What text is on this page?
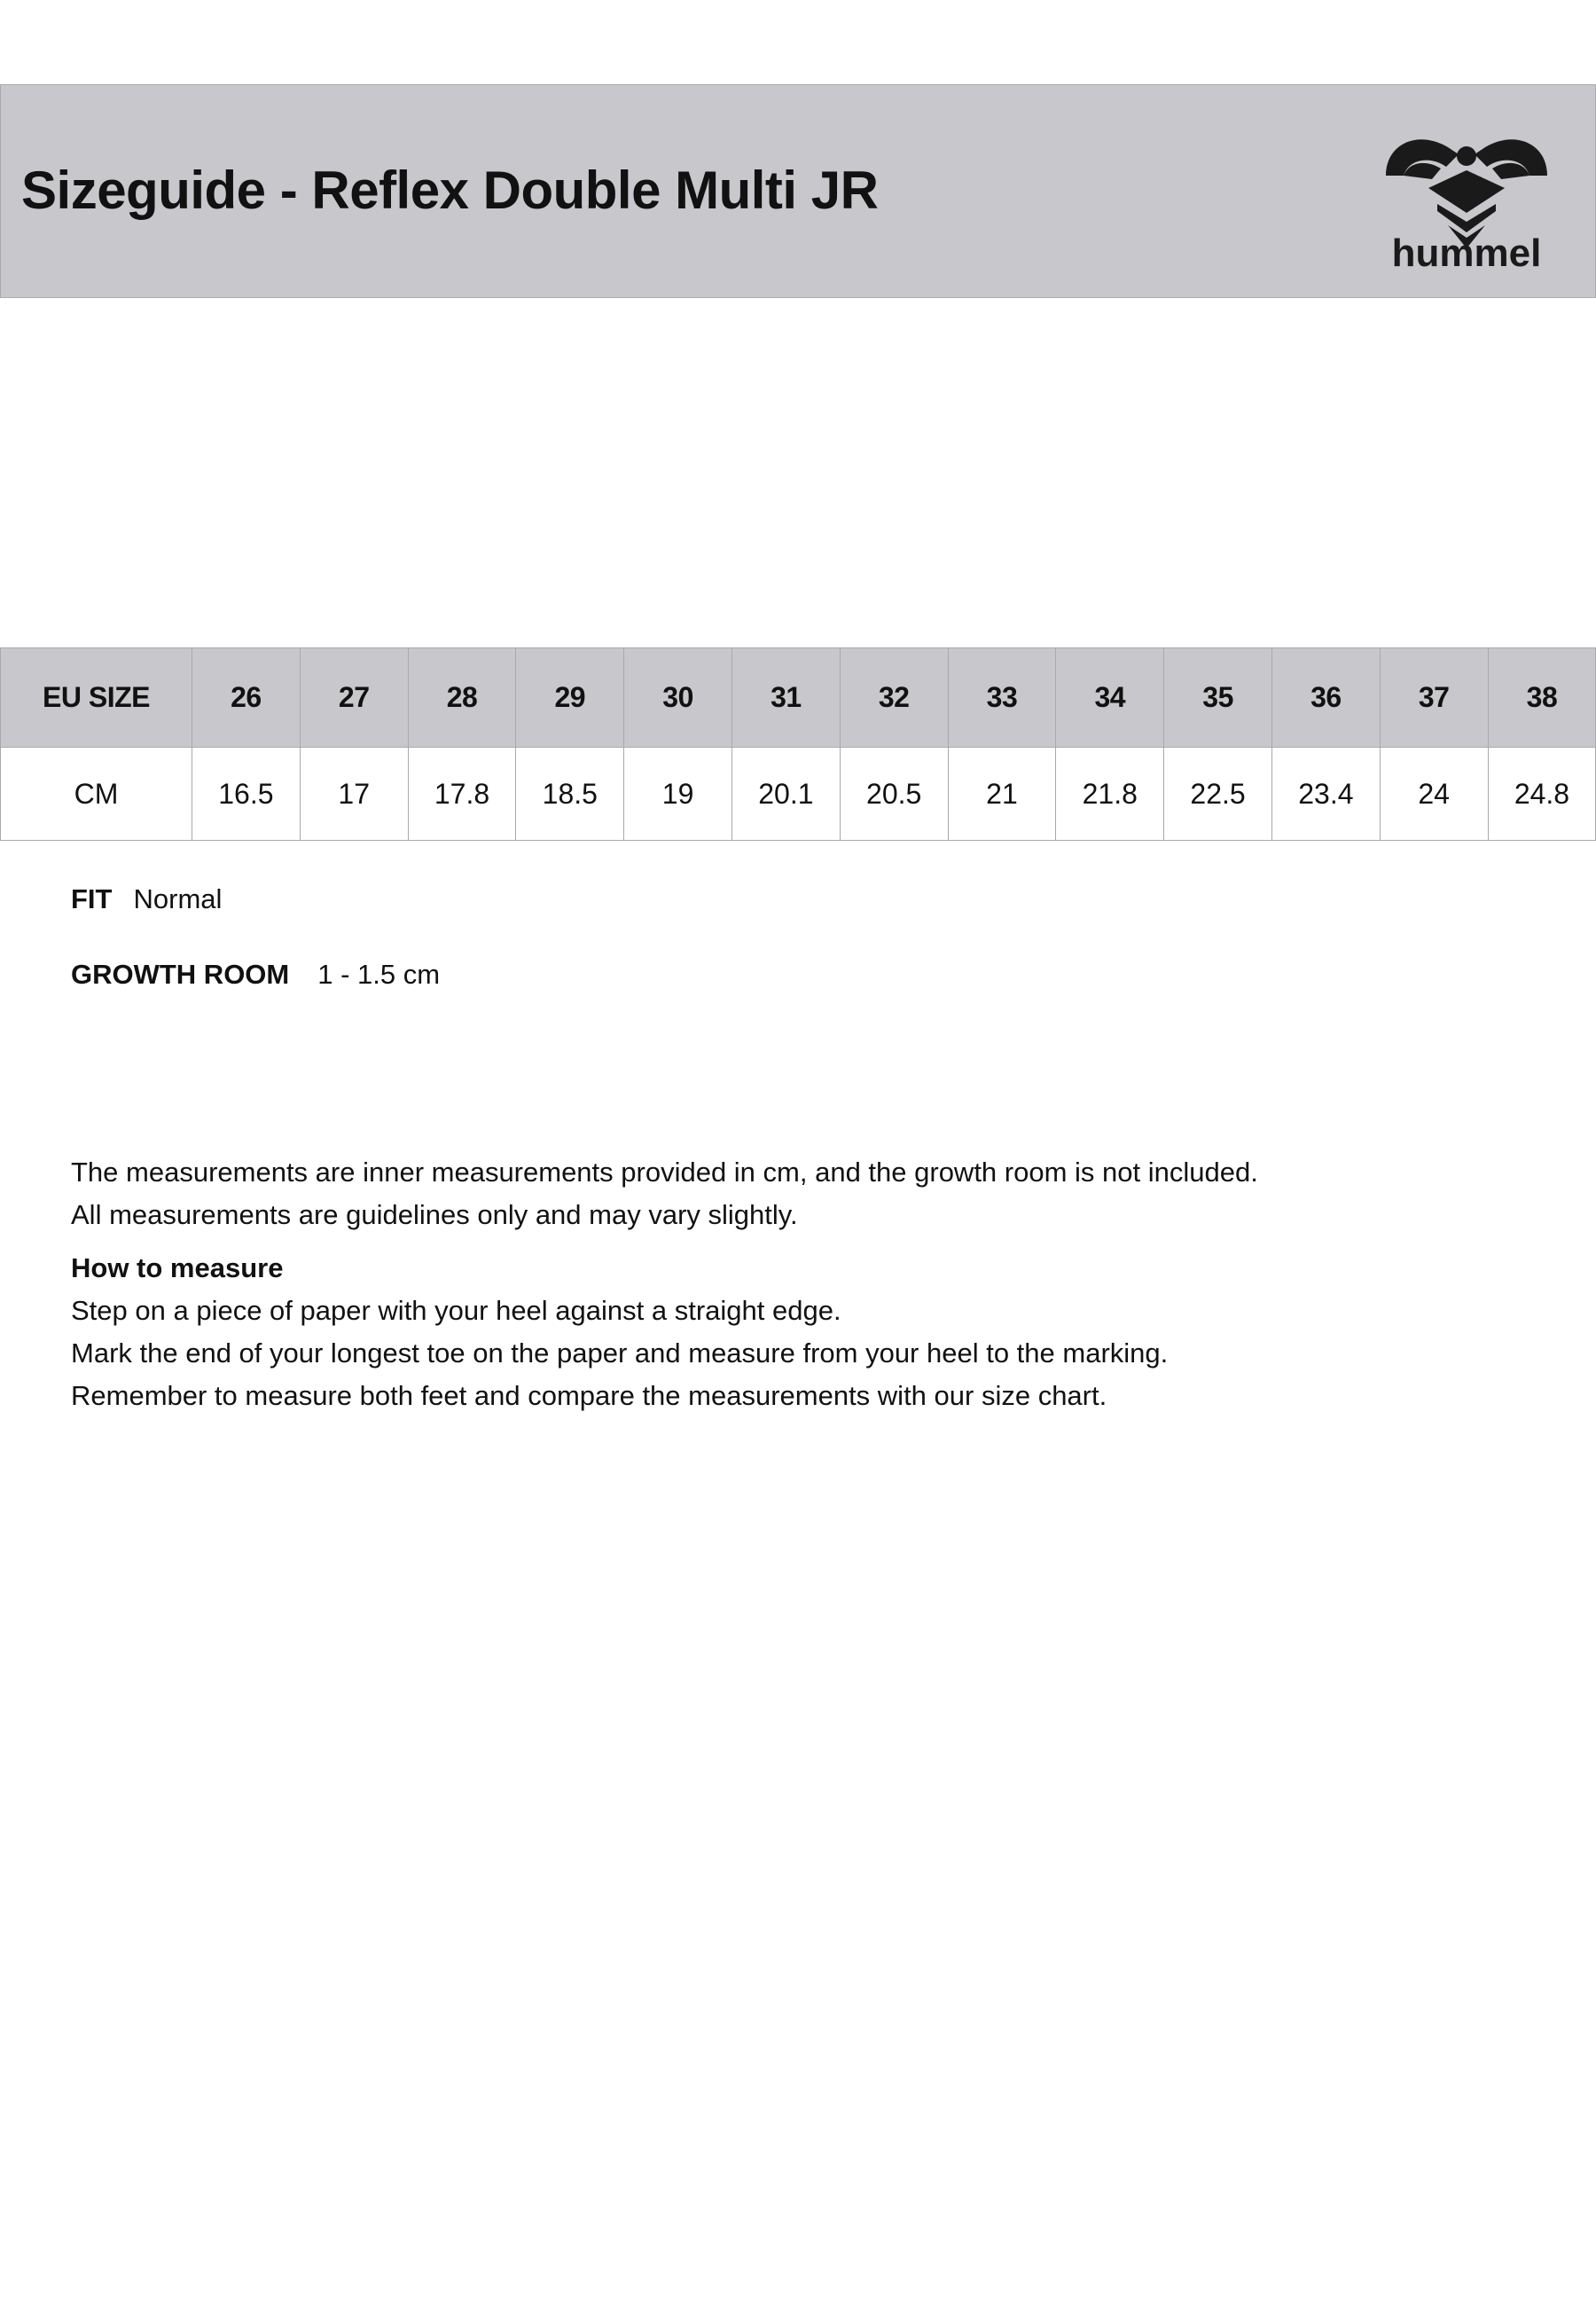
Sizeguide - Reflex Double Multi JR
hummel
EU SIZE	26	27	28	29	30	31	32	33	34	35	36	37	38
CM	16.5	17	17.8	18.5	19	20.1	20.5	21	21.8	22.5	23.4	24	24.8
FIT Normal
GROWTH ROOM 1 - 1.5 cm

The measurements are inner measurements provided in cm, and the growth room is not included.

All measurements are guidelines only and may vary slightly.

How to measure

Step on a piece of paper with your heel against a straight edge.

Mark the end of your longest toe on the paper and measure from your heel to the marking.

Remember to measure both feet and compare the measurements with our size chart.
